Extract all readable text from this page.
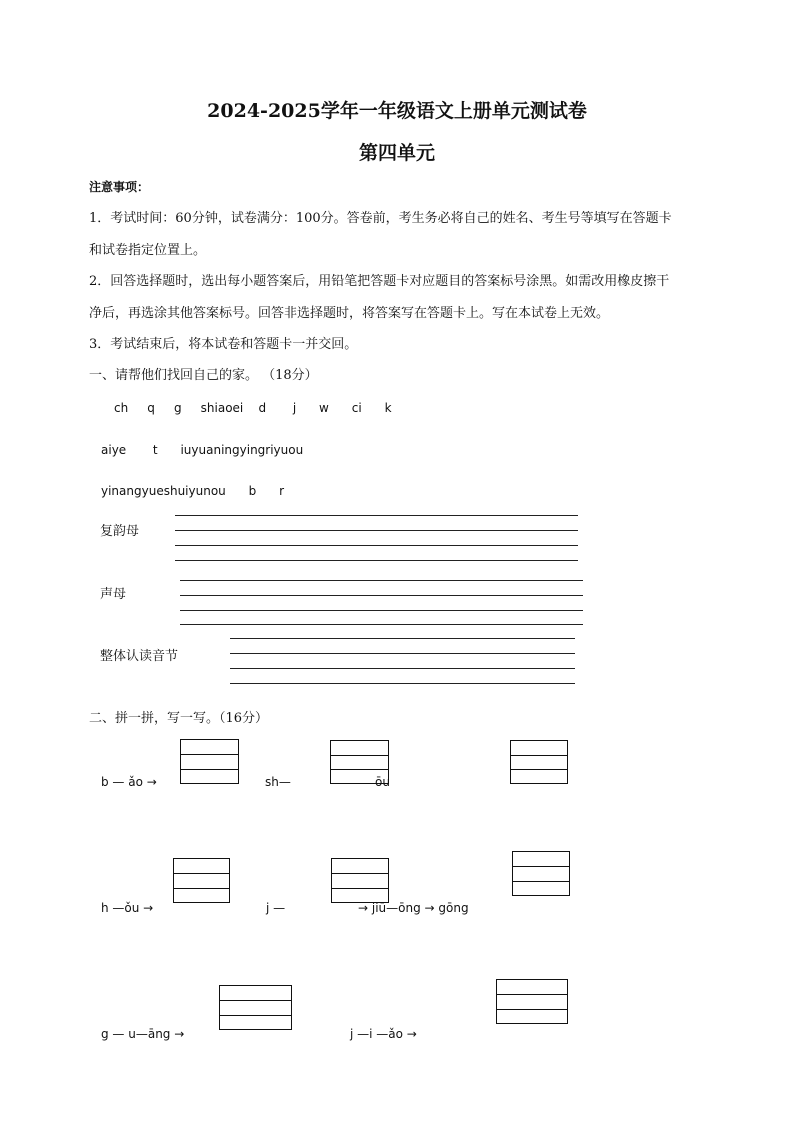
2024-2025学年一年级语文上册单元测试卷
第四单元
注意事项：
1．考试时间：60分钟，试卷满分：100分。答卷前，考生务必将自己的姓名、考生号等填写在答题卡
和试卷指定位置上。
2．回答选择题时，选出每小题答案后，用铅笔把答题卡对应题目的答案标号涂黑。如需改用橡皮擦干
净后，再选涂其他答案标号。回答非选择题时，将答案写在答题卡上。写在本试卷上无效。
3．考试结束后，将本试卷和答题卡一并交回。
一、请帮他们找回自己的家。 （18分）
ch     q     g     shiaoei    d       j      w      ci      k
aiye       t      iuyuaningyingriyuou
yinangyueshuiyunou      b      r
复韵母
声母
整体认读音节
二、拼一拼，写一写。（16分）
b — ǎo →	sh—	ōu
h —ǒu →	j —	→ jiū—ōng → gōng
g — u—āng →	j —i —ǎo →
